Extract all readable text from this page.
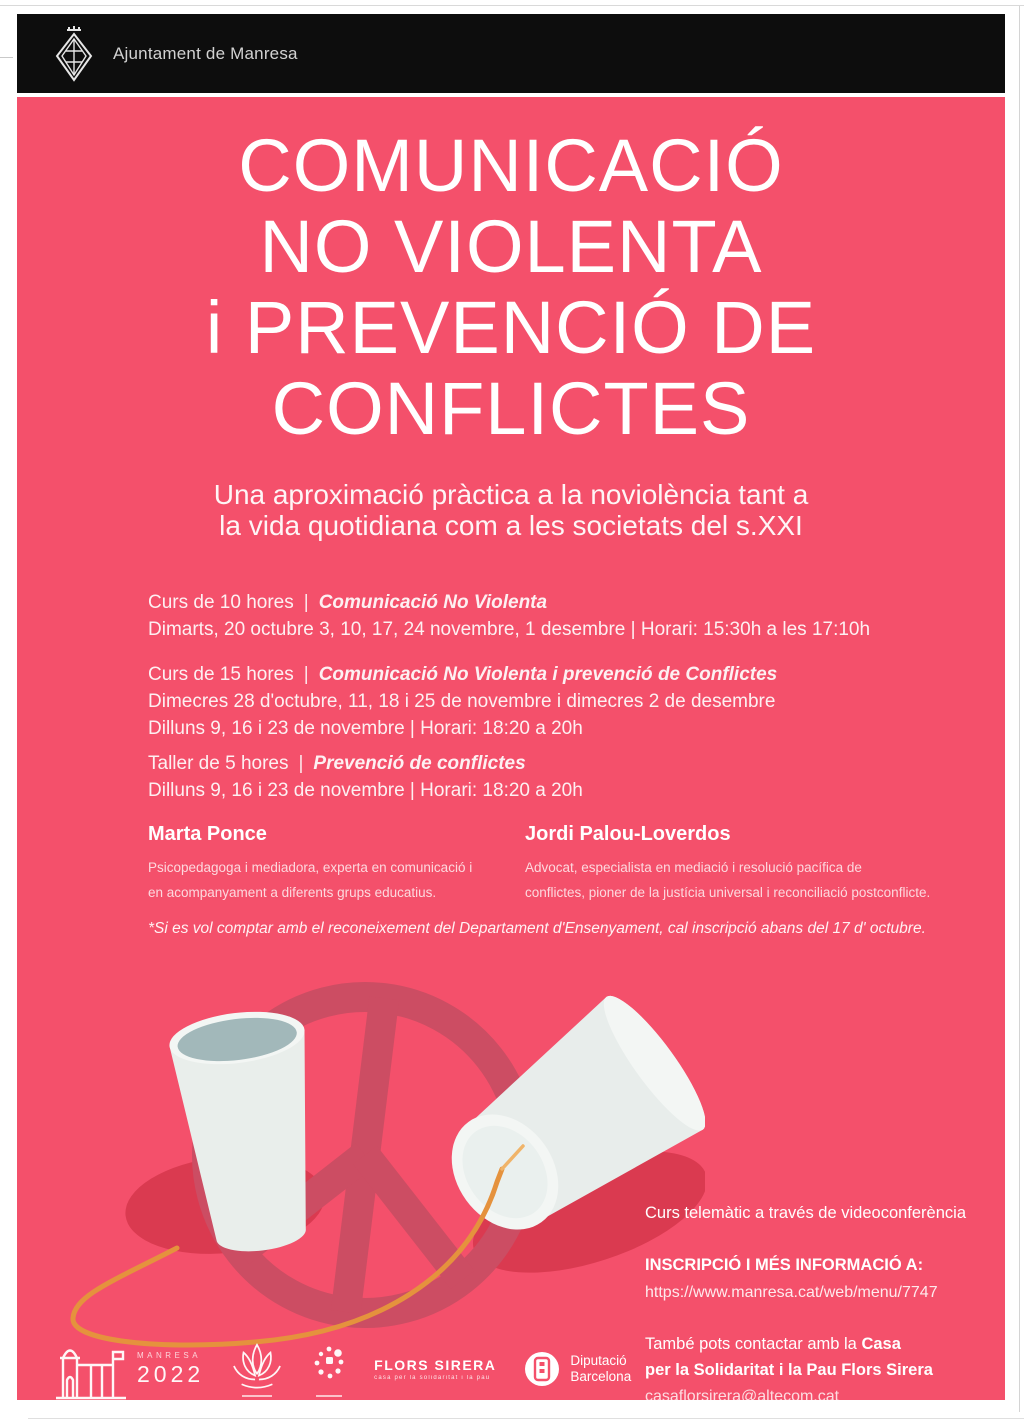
Ajuntament de Manresa
COMUNICACIÓ
NO VIOLENTA
i PREVENCIÓ DE
CONFLICTES
Una aproximació pràctica a la noviolència tant a
la vida quotidiana com a les societats del s.XXI
Curs de 10 hores | Comunicació No Violenta
Dimarts, 20 octubre 3, 10, 17, 24 novembre, 1 desembre | Horari: 15:30h a les 17:10h
Curs de 15 hores | Comunicació No Violenta i prevenció de Conflictes
Dimecres 28 d'octubre, 11, 18 i 25 de novembre i dimecres 2 de desembre
Dilluns 9, 16 i 23 de novembre | Horari: 18:20 a 20h
Taller de 5 hores | Prevenció de conflictes
Dilluns 9, 16 i 23 de novembre | Horari: 18:20 a 20h
Marta Ponce
Psicopedagoga i mediadora, experta en comunicació i
en acompanyament a diferents grups educatius.
Jordi Palou-Loverdos
Advocat, especialista en mediació i resolució pacífica de
conflictes, pioner de la justícia universal i reconciliació postconflicte.
*Si es vol comptar amb el reconeixement del Departament d'Ensenyament, cal inscripció abans del 17 d' octubre.
Curs telemàtic a través de videoconferència
INSCRIPCIÓ I MÉS INFORMACIÓ A:
https://www.manresa.cat/web/menu/7747
També pots contactar amb la Casa
per la Solidaritat i la Pau Flors Sirera
casaflorsirera@altecom.cat
MANRESA
2022	FLORS SIRERA
casa per la solidaritat i la pau
Diputació
Barcelona
